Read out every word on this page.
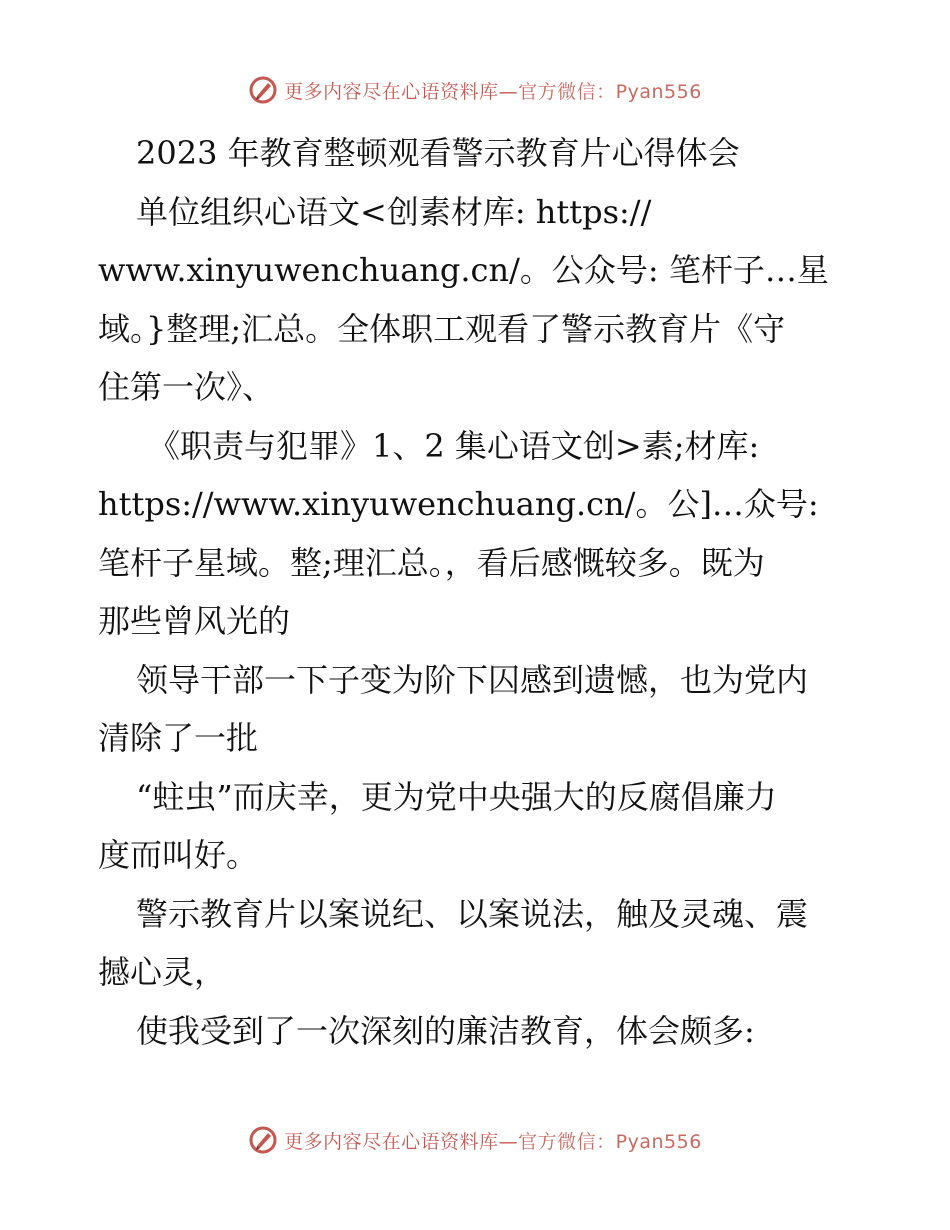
更多内容尽在心语资料库—官方微信：Pyan556

2023 年教育整顿观看警示教育片心得体会

单位组织心语文<创素材库: https://

www.xinyuwenchuang.cn/。公众号: 笔杆子…星

域。}整理;汇总。全体职工观看了警示教育片《守

住第一次》、

《职责与犯罪》1、2 集心语文创>素;材库:

https://www.xinyuwenchuang.cn/。公]…众号:

笔杆子星域。整;理汇总。，看后感慨较多。既为

那些曾风光的

领导干部一下子变为阶下囚感到遗憾，也为党内

清除了一批

“蛀虫”而庆幸，更为党中央强大的反腐倡廉力

度而叫好。

警示教育片以案说纪、以案说法，触及灵魂、震

撼心灵，

使我受到了一次深刻的廉洁教育，体会颇多:

更多内容尽在心语资料库—官方微信：Pyan556
